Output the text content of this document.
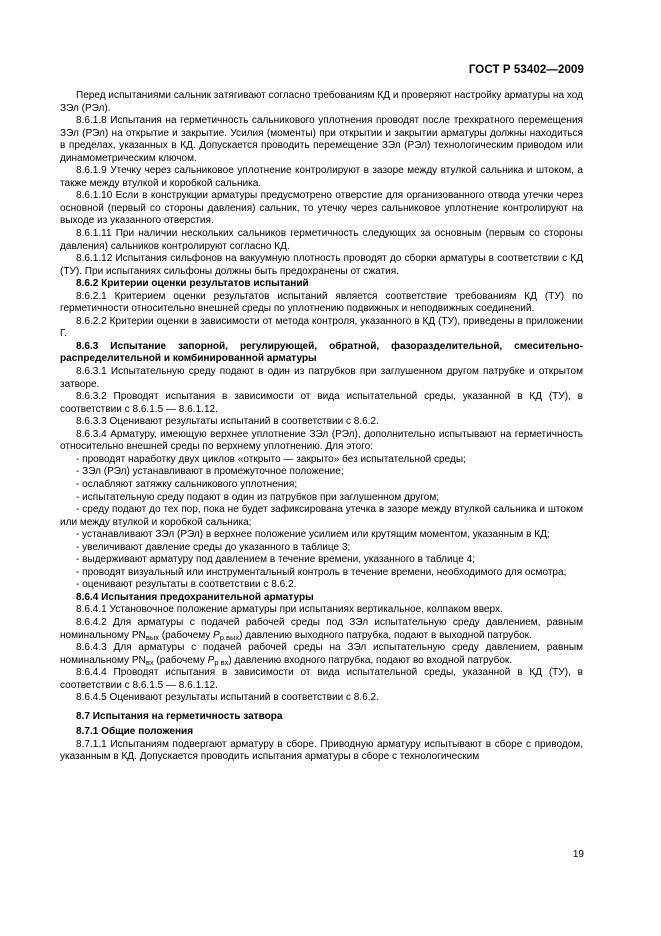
ГОСТ Р 53402—2009

Перед испытаниями сальник затягивают согласно требованиям КД и проверяют настройку арматуры на ход ЗЭл (РЭл).

8.6.1.8 Испытания на герметичность сальникового уплотнения проводят после трехкратного перемещения ЗЭл (РЭл) на открытие и закрытие. Усилия (моменты) при открытии и закрытии арматуры должны находиться в пределах, указанных в КД. Допускается проводить перемещение ЗЭл (РЭл) технологическим приводом или динамометрическим ключом.

8.6.1.9 Утечку через сальниковое уплотнение контролируют в зазоре между втулкой сальника и штоком, а также между втулкой и коробкой сальника.

8.6.1.10 Если в конструкции арматуры предусмотрено отверстие для организованного отвода утечки через основной (первый со стороны давления) сальник, то утечку через сальниковое уплотнение контролируют на выходе из указанного отверстия.

8.6.1.11 При наличии нескольких сальников герметичность следующих за основным (первым со стороны давления) сальников контролируют согласно КД.

8.6.1.12 Испытания сильфонов на вакуумную плотность проводят до сборки арматуры в соответствии с КД (ТУ). При испытаниях сильфоны должны быть предохранены от сжатия.

8.6.2 Критерии оценки результатов испытаний

8.6.2.1 Критерием оценки результатов испытаний является соответствие требованиям КД (ТУ) по герметичности относительно внешней среды по уплотнению подвижных и неподвижных соединений.

8.6.2.2 Критерии оценки в зависимости от метода контроля, указанного в КД (ТУ), приведены в приложении Г.

8.6.3 Испытание запорной, регулирующей, обратной, фазоразделительной, смесительно-распределительной и комбинированной арматуры

8.6.3.1 Испытательную среду подают в один из патрубков при заглушенном другом патрубке и открытом затворе.

8.6.3.2 Проводят испытания в зависимости от вида испытательной среды, указанной в КД (ТУ), в соответствии с 8.6.1.5 — 8.6.1.12.

8.6.3.3 Оценивают результаты испытаний в соответствии с 8.6.2.

8.6.3.4 Арматуру, имеющую верхнее уплотнение ЗЭл (РЭл), дополнительно испытывают на герметичность относительно внешней среды по верхнему уплотнению. Для этого:

- проводят наработку двух циклов «открыто — закрыто» без испытательной среды;

- ЗЭл (РЭл) устанавливают в промежуточное положение;

- ослабляют затяжку сальникового уплотнения;

- испытательную среду подают в один из патрубков при заглушенном другом;

- среду подают до тех пор, пока не будет зафиксирована утечка в зазоре между втулкой сальника и штоком или между втулкой и коробкой сальника;

- устанавливают ЗЭл (РЭл) в верхнее положение усилием или крутящим моментом, указанным в КД;

- увеличивают давление среды до указанного в таблице 3;

- выдерживают арматуру под давлением в течение времени, указанного в таблице 4;

- проводят визуальный или инструментальный контроль в течение времени, необходимого для осмотра;

- оценивают результаты в соответствии с 8.6.2.

8.6.4 Испытания предохранительной арматуры

8.6.4.1 Установочное положение арматуры при испытаниях вертикальное, колпаком вверх.

8.6.4.2 Для арматуры с подачей рабочей среды под ЗЭл испытательную среду давлением, равным номинальному $PN_{вых}$ (рабочему $P_{р.вых}$) давлению выходного патрубка, подают в выходной патрубок.

8.6.4.3 Для арматуры с подачей рабочей среды на ЗЭл испытательную среду давлением, равным номинальному $PN_{вх}$ (рабочему $P_{р вх}$) давлению входного патрубка, подают во входной патрубок.

8.6.4.4 Проводят испытания в зависимости от вида испытательной среды, указанной в КД (ТУ), в соответствии с 8.6.1.5 — 8.6.1.12.

8.6.4.5 Оценивают результаты испытаний в соответствии с 8.6.2.

8.7 Испытания на герметичность затвора

8.7.1 Общие положения

8.7.1.1 Испытаниям подвергают арматуру в сборе. Приводную арматуру испытывают в сборе с приводом, указанным в КД. Допускается проводить испытания арматуры в сборе с технологическим

19
